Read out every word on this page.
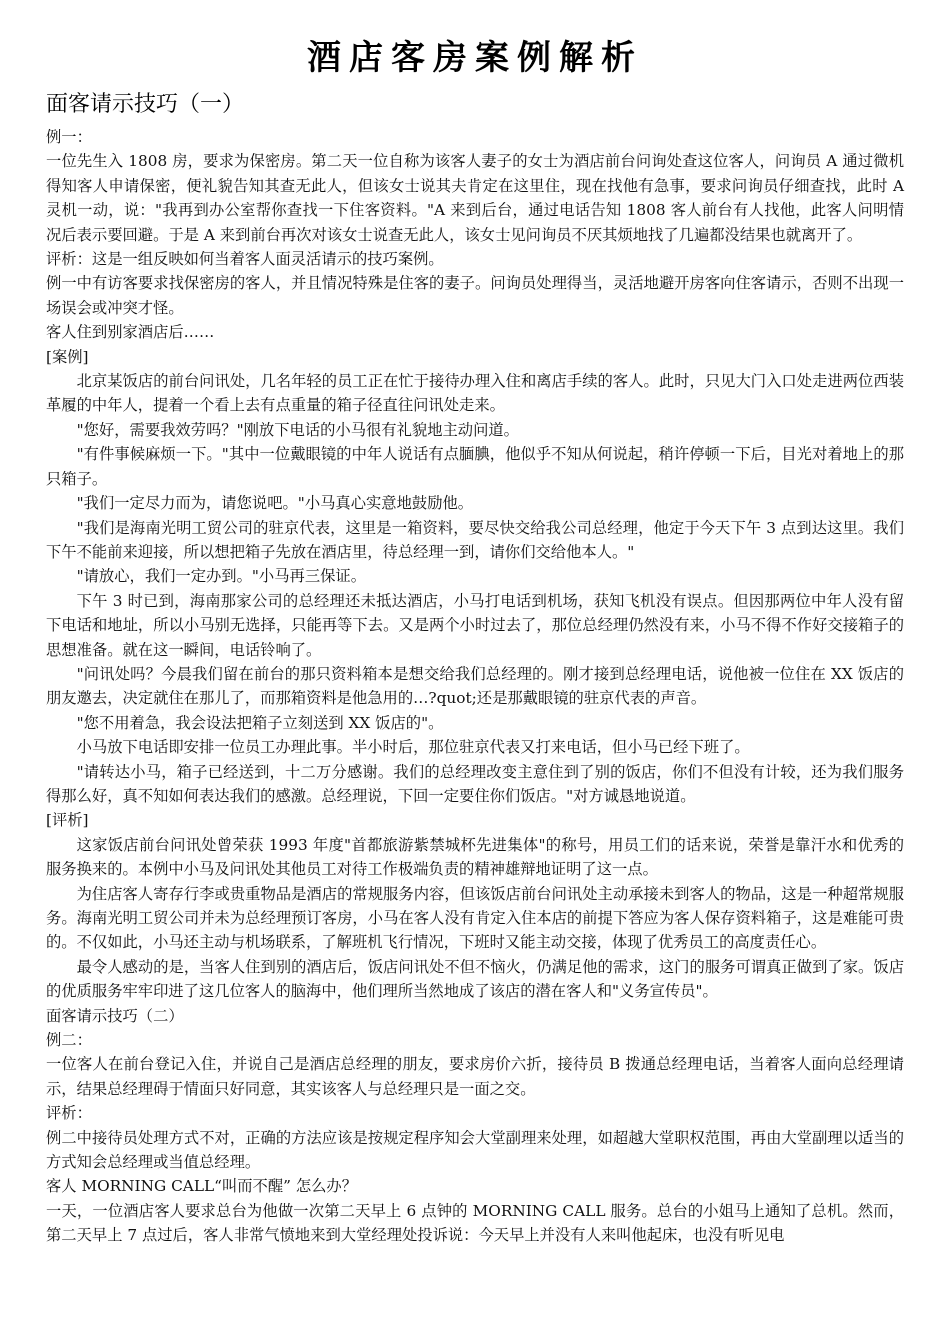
酒店客房案例解析
面客请示技巧（一）

例一：

一位先生入 1808 房，要求为保密房。第二天一位自称为该客人妻子的女士为酒店前台问询处查这位客人，问询员 A 通过微机得知客人申请保密，便礼貌告知其查无此人，但该女士说其夫肯定在这里住，现在找他有急事，要求问询员仔细查找，此时 A 灵机一动，说："我再到办公室帮你查找一下住客资料。"A 来到后台，通过电话告知 1808 客人前台有人找他，此客人问明情况后表示要回避。于是 A 来到前台再次对该女士说查无此人，该女士见问询员不厌其烦地找了几遍都没结果也就离开了。

评析：这是一组反映如何当着客人面灵活请示的技巧案例。

例一中有访客要求找保密房的客人，并且情况特殊是住客的妻子。问询员处理得当，灵活地避开房客向住客请示，否则不出现一场误会或冲突才怪。

客人住到别家酒店后……

[案例]

北京某饭店的前台问讯处，几名年轻的员工正在忙于接待办理入住和离店手续的客人。此时，只见大门入口处走进两位西装革履的中年人，提着一个看上去有点重量的箱子径直往问讯处走来。

"您好，需要我效劳吗？"刚放下电话的小马很有礼貌地主动问道。

"有件事候麻烦一下。"其中一位戴眼镜的中年人说话有点腼腆，他似乎不知从何说起，稍许停顿一下后，目光对着地上的那只箱子。

"我们一定尽力而为，请您说吧。"小马真心实意地鼓励他。

"我们是海南光明工贸公司的驻京代表，这里是一箱资料，要尽快交给我公司总经理，他定于今天下午 3 点到达这里。我们下午不能前来迎接，所以想把箱子先放在酒店里，待总经理一到，请你们交给他本人。"

"请放心，我们一定办到。"小马再三保证。

下午 3 时已到，海南那家公司的总经理还未抵达酒店，小马打电话到机场，获知飞机没有误点。但因那两位中年人没有留下电话和地址，所以小马别无选择，只能再等下去。又是两个小时过去了，那位总经理仍然没有来，小马不得不作好交接箱子的思想准备。就在这一瞬间，电话铃响了。

"问讯处吗？今晨我们留在前台的那只资料箱本是想交给我们总经理的。刚才接到总经理电话，说他被一位住在 XX 饭店的朋友邀去，决定就住在那儿了，而那箱资料是他急用的…?quot;还是那戴眼镜的驻京代表的声音。

"您不用着急，我会设法把箱子立刻送到 XX 饭店的"。

小马放下电话即安排一位员工办理此事。半小时后，那位驻京代表又打来电话，但小马已经下班了。

"请转达小马，箱子已经送到，十二万分感谢。我们的总经理改变主意住到了别的饭店，你们不但没有计较，还为我们服务得那么好，真不知如何表达我们的感激。总经理说，下回一定要住你们饭店。"对方诚恳地说道。

[评析]

这家饭店前台问讯处曾荣获 1993 年度"首都旅游紫禁城杯先进集体"的称号，用员工们的话来说，荣誉是靠汗水和优秀的服务换来的。本例中小马及问讯处其他员工对待工作极端负责的精神雄辩地证明了这一点。

为住店客人寄存行李或贵重物品是酒店的常规服务内容，但该饭店前台问讯处主动承接未到客人的物品，这是一种超常规服务。海南光明工贸公司并未为总经理预订客房，小马在客人没有肯定入住本店的前提下答应为客人保存资料箱子，这是难能可贵的。不仅如此，小马还主动与机场联系，了解班机飞行情况，下班时又能主动交接，体现了优秀员工的高度责任心。

最令人感动的是，当客人住到别的酒店后，饭店问讯处不但不恼火，仍满足他的需求，这门的服务可谓真正做到了家。饭店的优质服务牢牢印进了这几位客人的脑海中，他们理所当然地成了该店的潜在客人和"义务宣传员"。

面客请示技巧（二）

例二：

一位客人在前台登记入住，并说自己是酒店总经理的朋友，要求房价六折，接待员 B 拨通总经理电话，当着客人面向总经理请示，结果总经理碍于情面只好同意，其实该客人与总经理只是一面之交。

评析：

例二中接待员处理方式不对，正确的方法应该是按规定程序知会大堂副理来处理，如超越大堂职权范围，再由大堂副理以适当的方式知会总经理或当值总经理。

客人 MORNING CALL“叫而不醒” 怎么办？

一天，一位酒店客人要求总台为他做一次第二天早上 6 点钟的 MORNING CALL 服务。总台的小姐马上通知了总机。然而，第二天早上 7 点过后，客人非常气愤地来到大堂经理处投诉说：今天早上并没有人来叫他起床，也没有听见电
